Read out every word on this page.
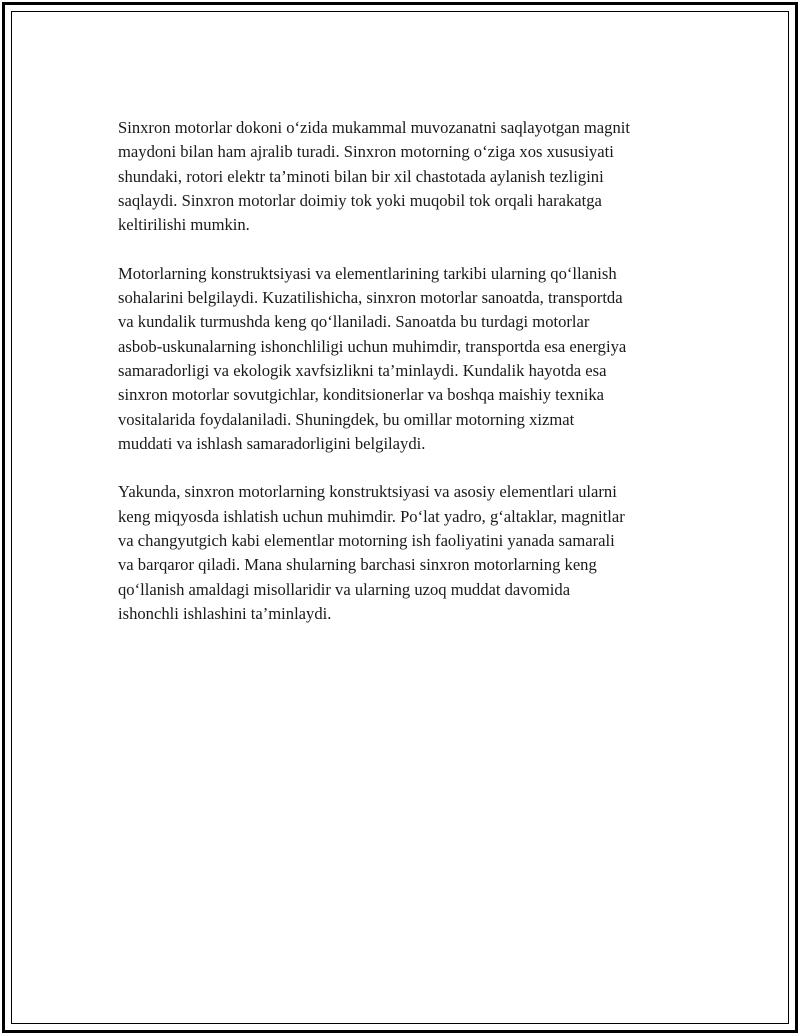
Sinxron motorlar dokoni o‘zida mukammal muvozanatni saqlayotgan magnit
maydoni bilan ham ajralib turadi. Sinxron motorning o‘ziga xos xususiyati
shundaki, rotori elektr ta’minoti bilan bir xil chastotada aylanish tezligini
saqlaydi. Sinxron motorlar doimiy tok yoki muqobil tok orqali harakatga
keltirilishi mumkin.

Motorlarning konstruktsiyasi va elementlarining tarkibi ularning qo‘llanish
sohalarini belgilaydi. Kuzatilishicha, sinxron motorlar sanoatda, transportda
va kundalik turmushda keng qo‘llaniladi. Sanoatda bu turdagi motorlar
asbob-uskunalarning ishonchliligi uchun muhimdir, transportda esa energiya
samaradorligi va ekologik xavfsizlikni ta’minlaydi. Kundalik hayotda esa
sinxron motorlar sovutgichlar, konditsionerlar va boshqa maishiy texnika
vositalarida foydalaniladi. Shuningdek, bu omillar motorning xizmat
muddati va ishlash samaradorligini belgilaydi.

Yakunda, sinxron motorlarning konstruktsiyasi va asosiy elementlari ularni
keng miqyosda ishlatish uchun muhimdir. Po‘lat yadro, g‘altaklar, magnitlar
va changyutgich kabi elementlar motorning ish faoliyatini yanada samarali
va barqaror qiladi. Mana shularning barchasi sinxron motorlarning keng
qo‘llanish amaldagi misollaridir va ularning uzoq muddat davomida
ishonchli ishlashini ta’minlaydi.
